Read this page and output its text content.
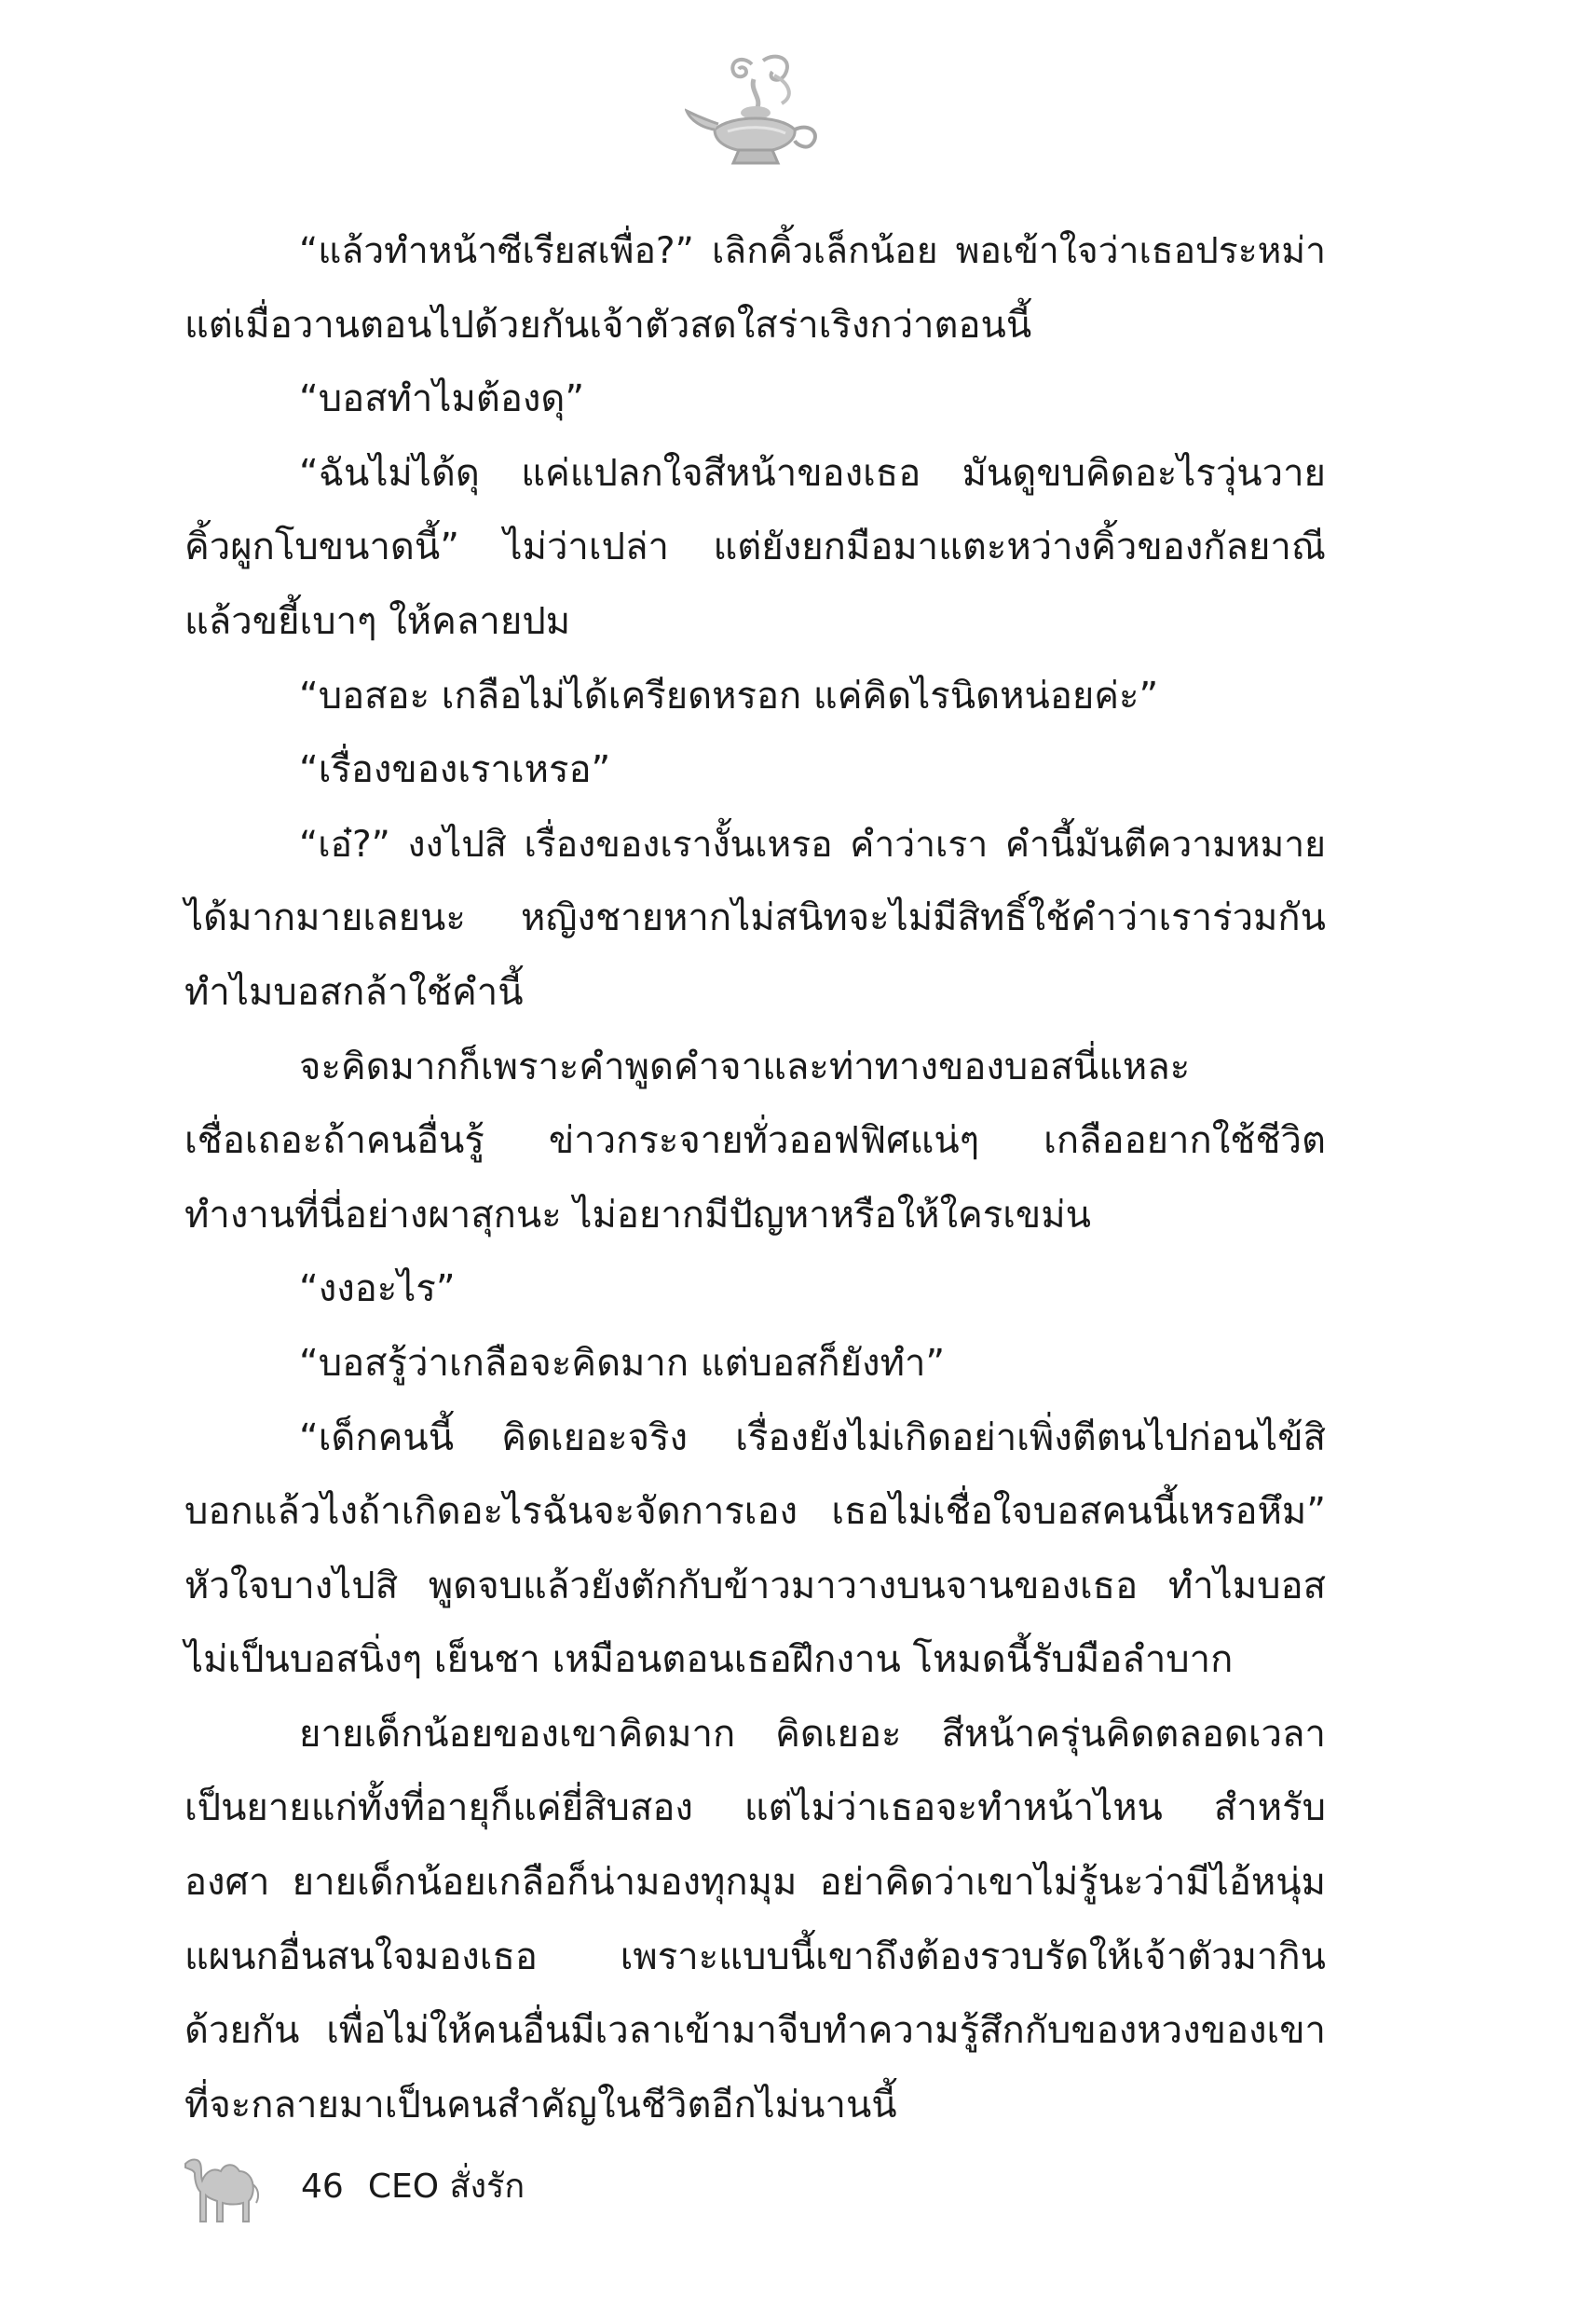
“แล้วทำหน้าซีเรียสเพื่อ?” เลิกคิ้วเล็กน้อย พอเข้าใจว่าเธอประหม่า
แต่เมื่อวานตอนไปด้วยกันเจ้าตัวสดใสร่าเริงกว่าตอนนี้
“บอสทำไมต้องดุ”
“ฉันไม่ได้ดุ แค่แปลกใจสีหน้าของเธอ มันดูขบคิดอะไรวุ่นวาย
คิ้วผูกโบขนาดนี้” ไม่ว่าเปล่า แต่ยังยกมือมาแตะหว่างคิ้วของกัลยาณี
แล้วขยี้เบาๆ ให้คลายปม
“บอสอะ เกลือไม่ได้เครียดหรอก แค่คิดไรนิดหน่อยค่ะ”
“เรื่องของเราเหรอ”
“เอ๋?” งงไปสิ เรื่องของเรางั้นเหรอ คำว่าเรา คำนี้มันตีความหมาย
ได้มากมายเลยนะ หญิงชายหากไม่สนิทจะไม่มีสิทธิ์ใช้คำว่าเราร่วมกัน
ทำไมบอสกล้าใช้คำนี้
จะคิดมากก็เพราะคำพูดคำจาและท่าทางของบอสนี่แหละ
เชื่อเถอะถ้าคนอื่นรู้ ข่าวกระจายทั่วออฟฟิศแน่ๆ เกลืออยากใช้ชีวิต
ทำงานที่นี่อย่างผาสุกนะ ไม่อยากมีปัญหาหรือให้ใครเขม่น
“งงอะไร”
“บอสรู้ว่าเกลือจะคิดมาก แต่บอสก็ยังทำ”
“เด็กคนนี้ คิดเยอะจริง เรื่องยังไม่เกิดอย่าเพิ่งตีตนไปก่อนไข้สิ
บอกแล้วไงถ้าเกิดอะไรฉันจะจัดการเอง เธอไม่เชื่อใจบอสคนนี้เหรอหึม”
หัวใจบางไปสิ พูดจบแล้วยังตักกับข้าวมาวางบนจานของเธอ ทำไมบอส
ไม่เป็นบอสนิ่งๆ เย็นชา เหมือนตอนเธอฝึกงาน โหมดนี้รับมือลำบาก
ยายเด็กน้อยของเขาคิดมาก คิดเยอะ สีหน้าครุ่นคิดตลอดเวลา
เป็นยายแก่ทั้งที่อายุก็แค่ยี่สิบสอง แต่ไม่ว่าเธอจะทำหน้าไหน สำหรับ
องศา ยายเด็กน้อยเกลือก็น่ามองทุกมุม อย่าคิดว่าเขาไม่รู้นะว่ามีไอ้หนุ่ม
แผนกอื่นสนใจมองเธอ เพราะแบบนี้เขาถึงต้องรวบรัดให้เจ้าตัวมากิน
ด้วยกัน เพื่อไม่ให้คนอื่นมีเวลาเข้ามาจีบทำความรู้สึกกับของหวงของเขา
ที่จะกลายมาเป็นคนสำคัญในชีวิตอีกไม่นานนี้
46 CEO สั่งรัก
